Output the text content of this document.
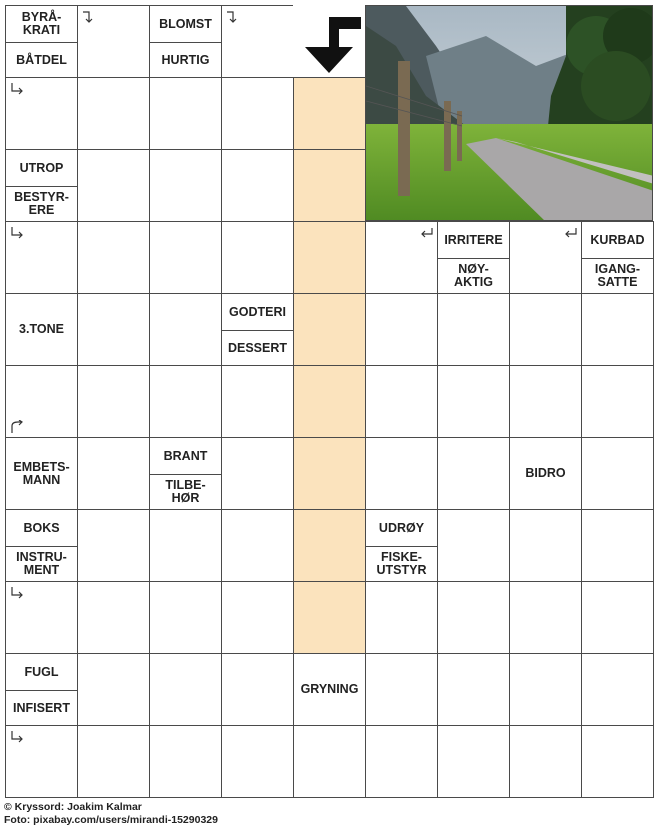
BYRÅ-
KRATI
BÅTDEL
BLOMST
HURTIG
UTROP
BESTYR-
ERE
IRRITERE
NØY-
AKTIG
KURBAD
IGANG-
SATTE
3.TONE
GODTERI
DESSERT
EMBETS-
MANN
BRANT
TILBE-
HØR
BIDRO
BOKS
INSTRU-
MENT
UDRØY
FISKE-
UTSTYR
FUGL
INFISERT
GRYNING
© Kryssord: Joakim Kalmar
Foto: pixabay.com/users/mirandi-15290329
